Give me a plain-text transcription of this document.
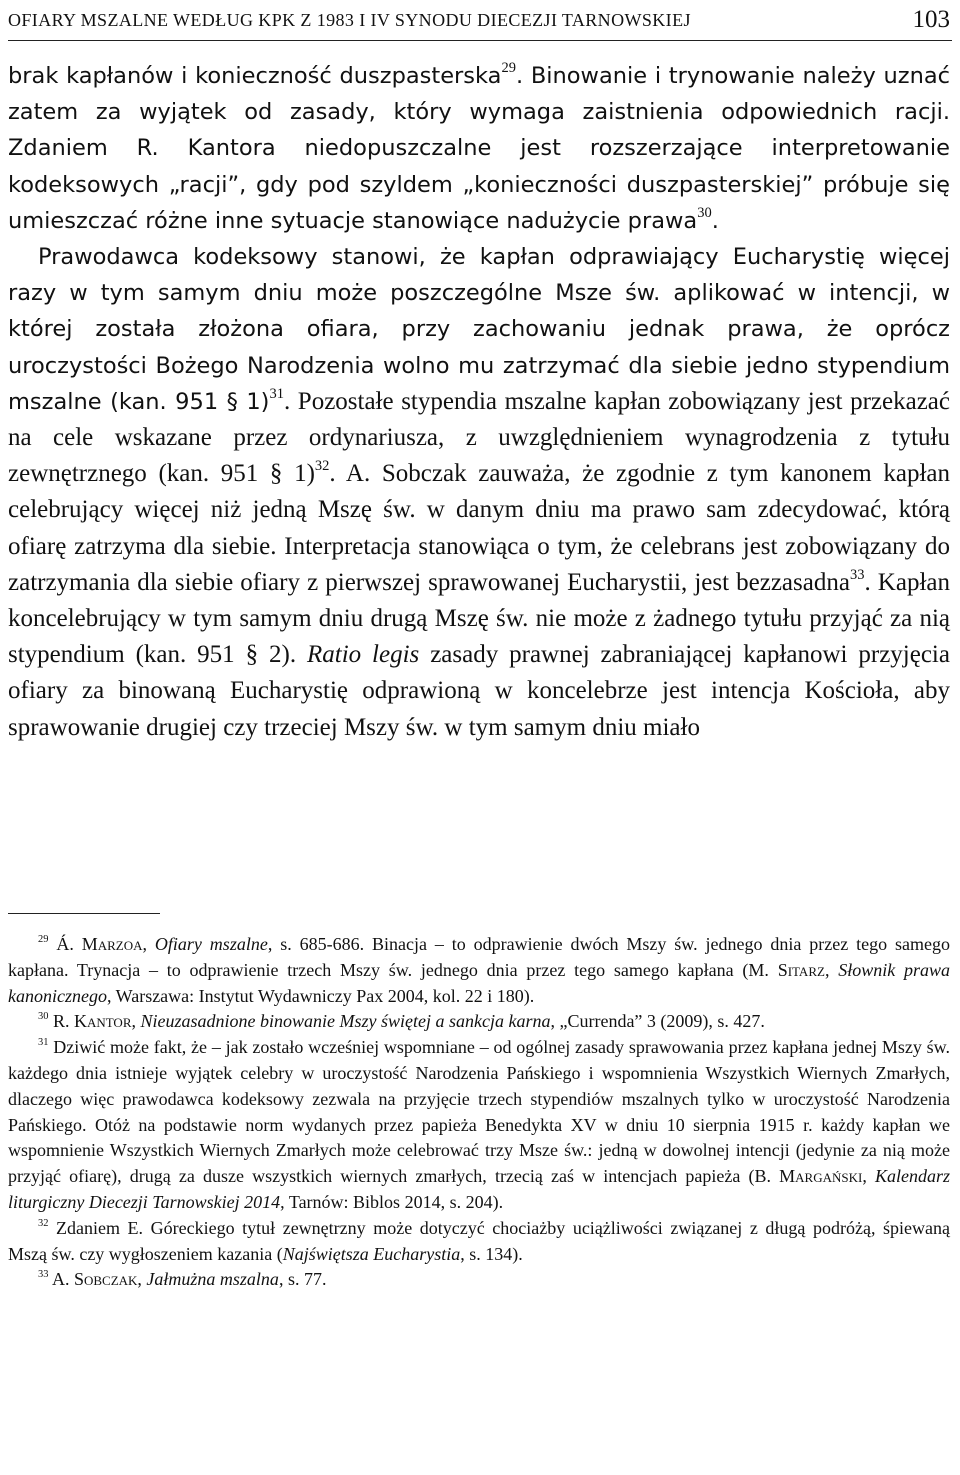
OFIARY MSZALNE WEDŁUG KPK Z 1983 I IV SYNODU DIECEZJI TARNOWSKIEJ	103

brak kapłanów i konieczność duszpasterska$^{29}$. Binowanie i trynowanie należy uznać zatem za wyjątek od zasady, który wymaga zaistnienia odpowiednich racji. Zdaniem R. Kantora niedopuszczalne jest rozszerzające interpretowanie kodeksowych „racji”, gdy pod szyldem „konieczności duszpasterskiej” próbuje się umieszczać różne inne sytuacje stanowiące nadużycie prawa$^{30}$.

Prawodawca kodeksowy stanowi, że kapłan odprawiający Eucharystię więcej razy w tym samym dniu może poszczególne Msze św. aplikować w intencji, w której została złożona ofiara, przy zachowaniu jednak prawa, że oprócz uroczystości Bożego Narodzenia wolno mu zatrzymać dla siebie jedno stypendium mszalne (kan. 951 § 1)$^{31}$. Pozostałe stypendia mszalne kapłan zobowiązany jest przekazać na cele wskazane przez ordynariusza, z uwzględnieniem wynagrodzenia z tytułu zewnętrznego (kan. 951 § 1)$^{32}$. A. Sobczak zauważa, że zgodnie z tym kanonem kapłan celebrujący więcej niż jedną Mszę św. w danym dniu ma prawo sam zdecydować, którą ofiarę zatrzyma dla siebie. Interpretacja stanowiąca o tym, że celebrans jest zobowiązany do zatrzymania dla siebie ofiary z pierwszej sprawowanej Eucharystii, jest bezzasadna$^{33}$. Kapłan koncelebrujący w tym samym dniu drugą Mszę św. nie może z żadnego tytułu przyjąć za nią stypendium (kan. 951 § 2). Ratio legis zasady prawnej zabraniającej kapłanowi przyjęcia ofiary za binowaną Eucharystię odprawioną w koncelebrze jest intencja Kościoła, aby sprawowanie drugiej czy trzeciej Mszy św. w tym samym dniu miało

$^{29}$ Á. Marzoa, Ofiary mszalne, s. 685-686. Binacja – to odprawienie dwóch Mszy św. jednego dnia przez tego samego kapłana. Trynacja – to odprawienie trzech Mszy św. jednego dnia przez tego samego kapłana (M. Sitarz, Słownik prawa kanonicznego, Warszawa: Instytut Wydawniczy Pax 2004, kol. 22 i 180).

$^{30}$ R. Kantor, Nieuzasadnione binowanie Mszy świętej a sankcja karna, „Currenda” 3 (2009), s. 427.

$^{31}$ Dziwić może fakt, że – jak zostało wcześniej wspomniane – od ogólnej zasady sprawowania przez kapłana jednej Mszy św. każdego dnia istnieje wyjątek celebry w uroczystość Narodzenia Pańskiego i wspomnienia Wszystkich Wiernych Zmarłych, dlaczego więc prawodawca kodeksowy zezwala na przyjęcie trzech stypendiów mszalnych tylko w uroczystość Narodzenia Pańskiego. Otóż na podstawie norm wydanych przez papieża Benedykta XV w dniu 10 sierpnia 1915 r. każdy kapłan we wspomnienie Wszystkich Wiernych Zmarłych może celebrować trzy Msze św.: jedną w dowolnej intencji (jedynie za nią może przyjąć ofiarę), drugą za dusze wszystkich wiernych zmarłych, trzecią zaś w intencjach papieża (B. Margański, Kalendarz liturgiczny Diecezji Tarnowskiej 2014, Tarnów: Biblos 2014, s. 204).

$^{32}$ Zdaniem E. Góreckiego tytuł zewnętrzny może dotyczyć chociażby uciążliwości związanej z długą podróżą, śpiewaną Mszą św. czy wygłoszeniem kazania (Najświętsza Eucharystia, s. 134).

$^{33}$ A. Sobczak, Jałmużna mszalna, s. 77.
